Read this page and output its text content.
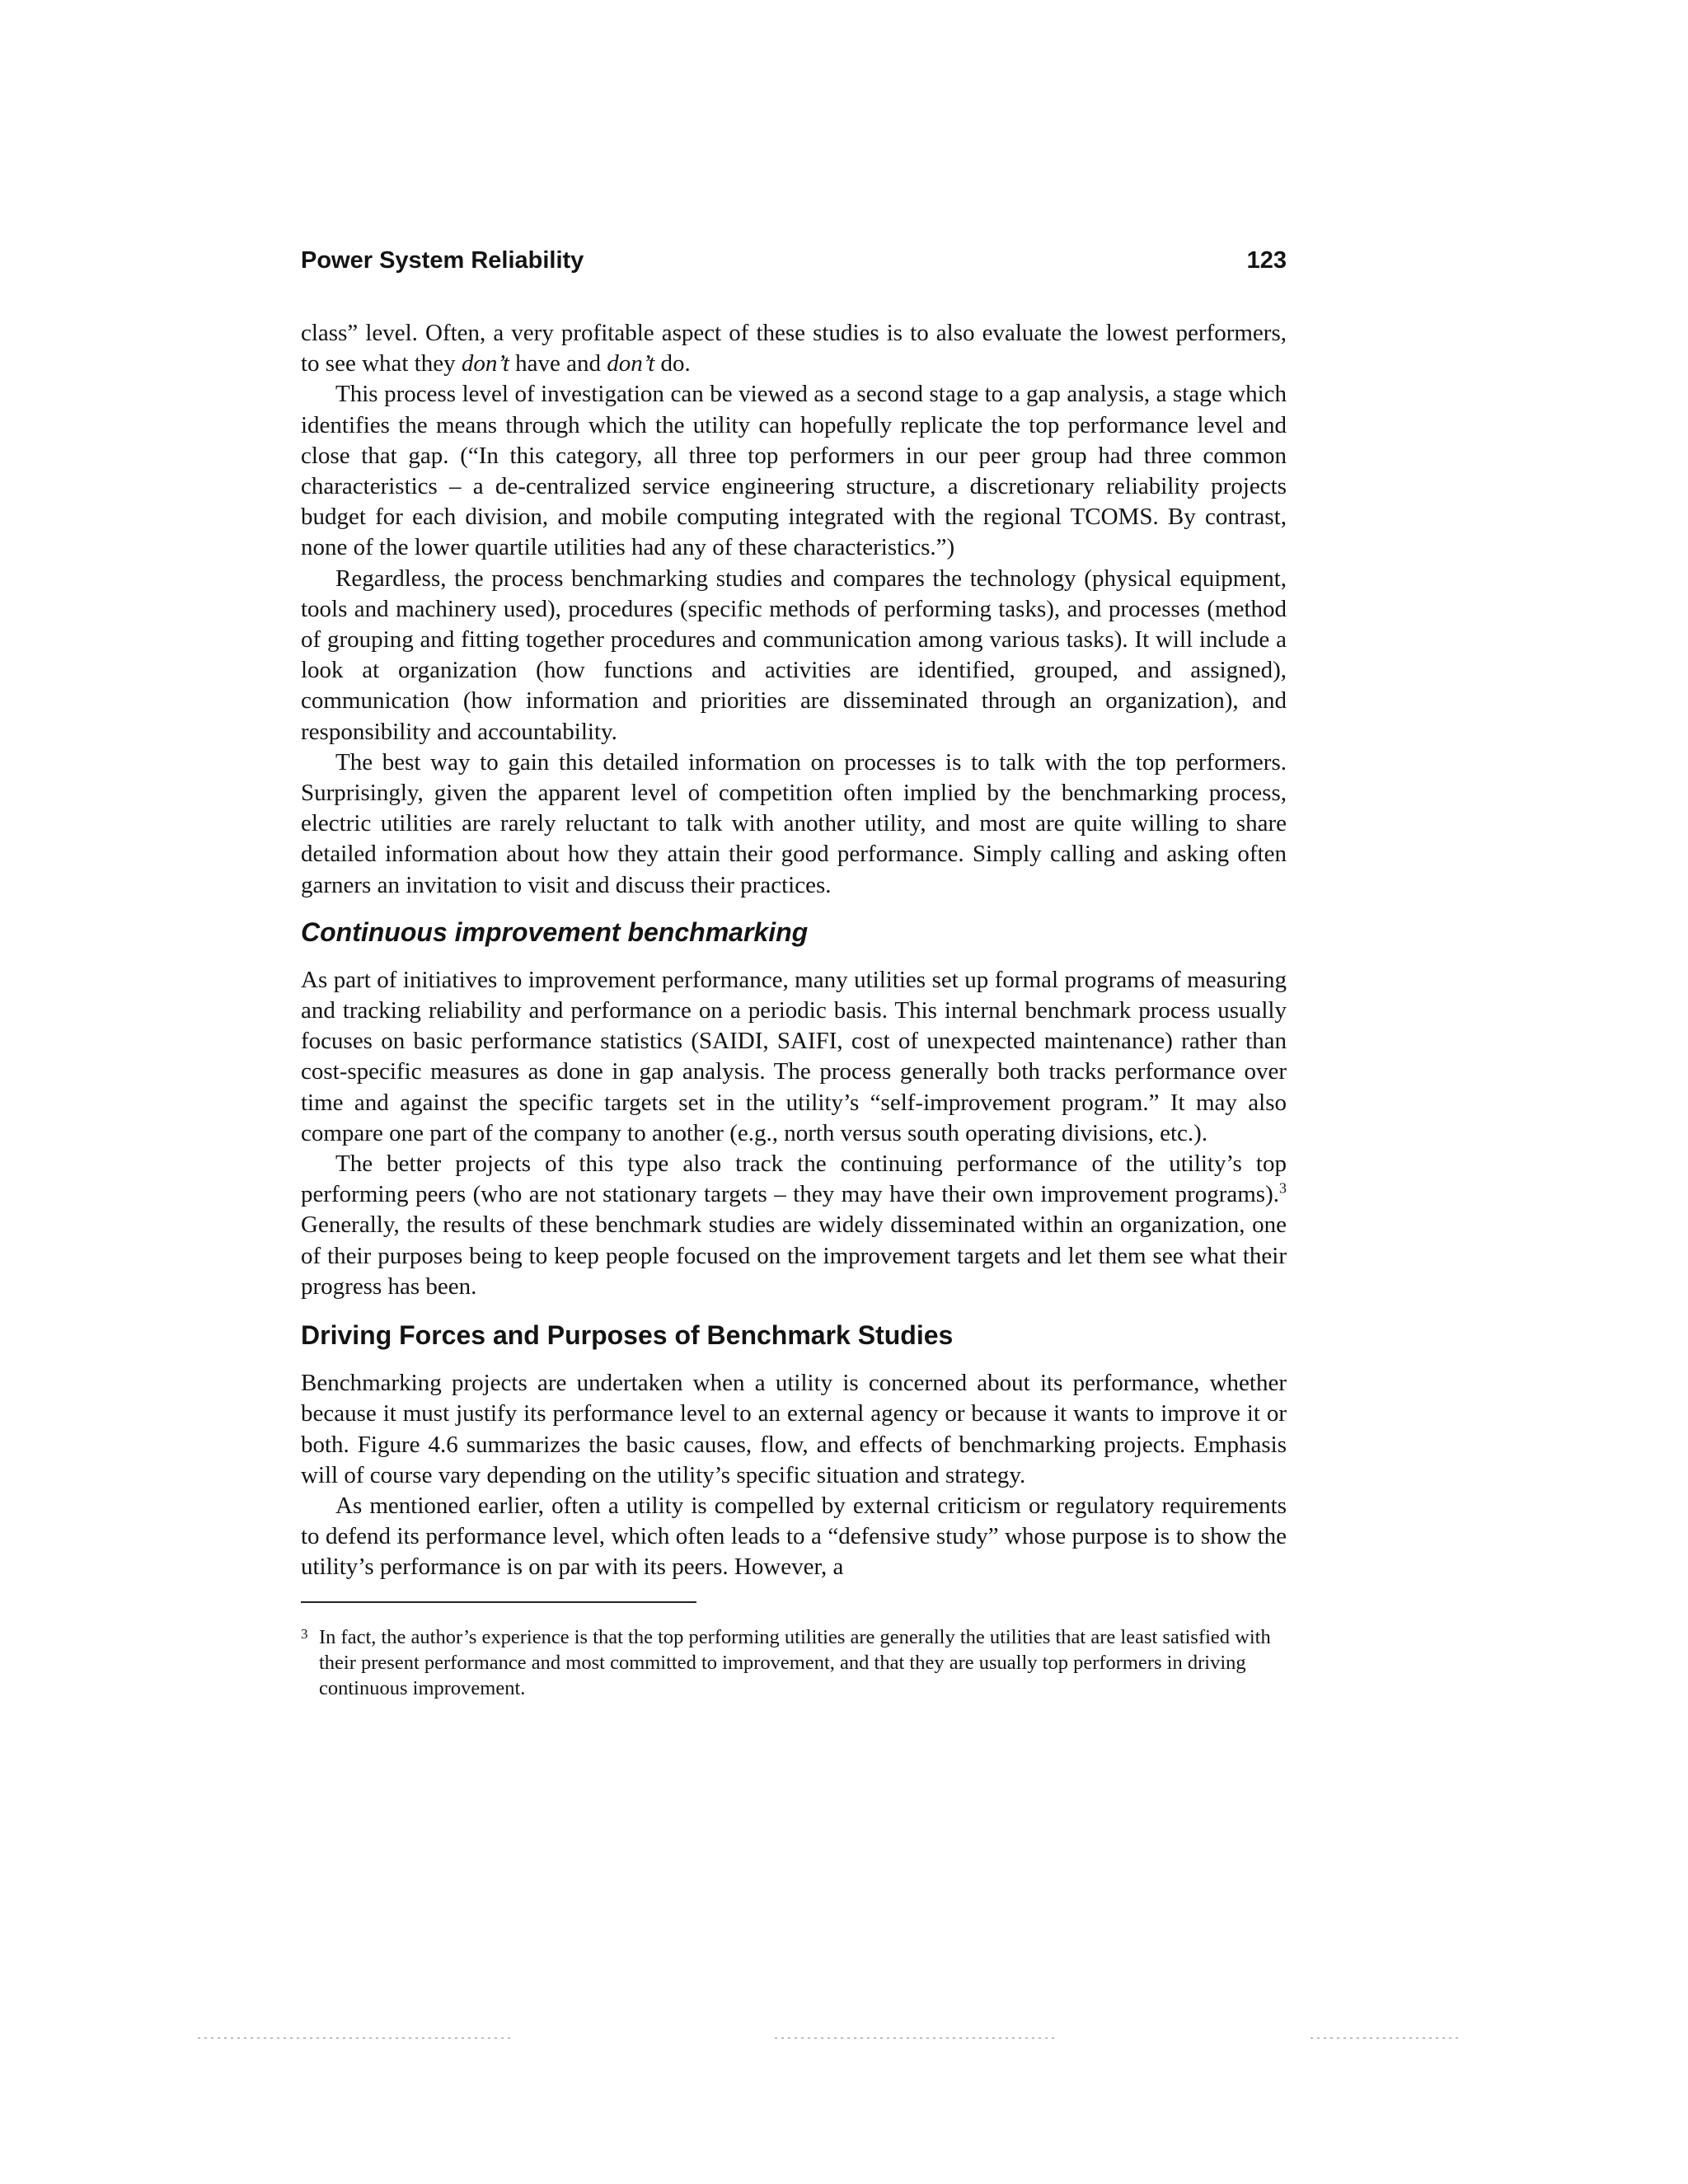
Power System Reliability	123

class” level. Often, a very profitable aspect of these studies is to also evaluate the lowest performers, to see what they don’t have and don’t do.

This process level of investigation can be viewed as a second stage to a gap analysis, a stage which identifies the means through which the utility can hopefully replicate the top performance level and close that gap. (“In this category, all three top performers in our peer group had three common characteristics – a de-centralized service engineering structure, a discretionary reliability projects budget for each division, and mobile computing integrated with the regional TCOMS. By contrast, none of the lower quartile utilities had any of these characteristics.”)

Regardless, the process benchmarking studies and compares the technology (physical equipment, tools and machinery used), procedures (specific methods of performing tasks), and processes (method of grouping and fitting together procedures and communication among various tasks). It will include a look at organization (how functions and activities are identified, grouped, and assigned), communication (how information and priorities are disseminated through an organization), and responsibility and accountability.

The best way to gain this detailed information on processes is to talk with the top performers. Surprisingly, given the apparent level of competition often implied by the benchmarking process, electric utilities are rarely reluctant to talk with another utility, and most are quite willing to share detailed information about how they attain their good performance. Simply calling and asking often garners an invitation to visit and discuss their practices.

Continuous improvement benchmarking

As part of initiatives to improvement performance, many utilities set up formal programs of measuring and tracking reliability and performance on a periodic basis. This internal benchmark process usually focuses on basic performance statistics (SAIDI, SAIFI, cost of unexpected maintenance) rather than cost-specific measures as done in gap analysis. The process generally both tracks performance over time and against the specific targets set in the utility’s “self-improvement program.” It may also compare one part of the company to another (e.g., north versus south operating divisions, etc.).

The better projects of this type also track the continuing performance of the utility’s top performing peers (who are not stationary targets – they may have their own improvement programs).$^3$ Generally, the results of these benchmark studies are widely disseminated within an organization, one of their purposes being to keep people focused on the improvement targets and let them see what their progress has been.

Driving Forces and Purposes of Benchmark Studies

Benchmarking projects are undertaken when a utility is concerned about its performance, whether because it must justify its performance level to an external agency or because it wants to improve it or both. Figure 4.6 summarizes the basic causes, flow, and effects of benchmarking projects. Emphasis will of course vary depending on the utility’s specific situation and strategy.

As mentioned earlier, often a utility is compelled by external criticism or regulatory requirements to defend its performance level, which often leads to a “defensive study” whose purpose is to show the utility’s performance is on par with its peers. However, a

3 In fact, the author’s experience is that the top performing utilities are generally the utilities that are least satisfied with their present performance and most committed to improvement, and that they are usually top performers in driving continuous improvement.
